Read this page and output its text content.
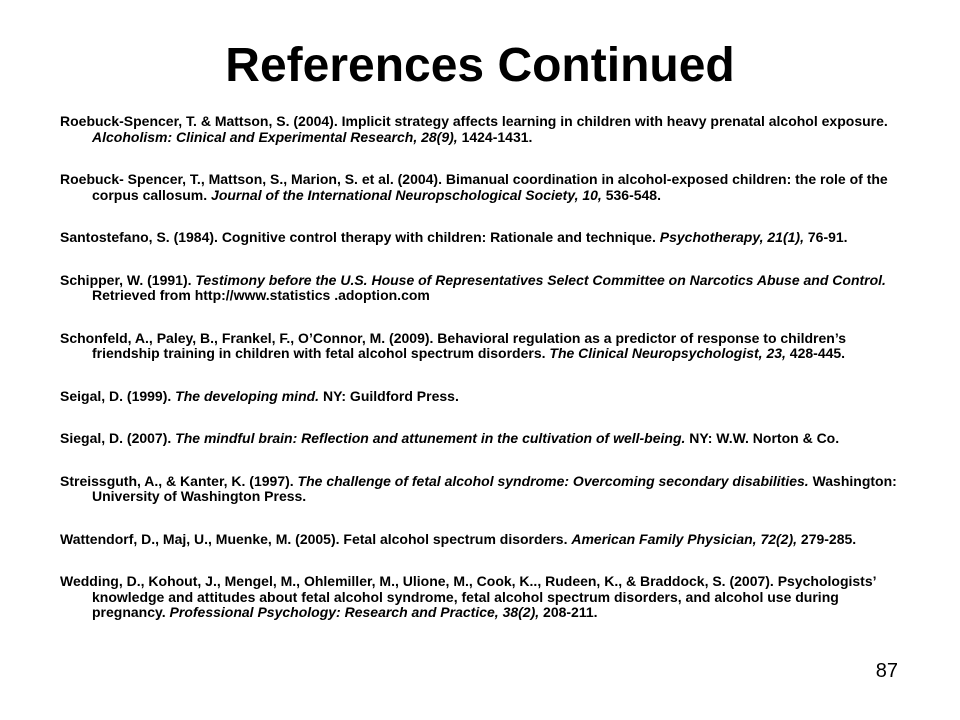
References Continued

Roebuck-Spencer, T. & Mattson, S. (2004). Implicit strategy affects learning in children with heavy prenatal alcohol exposure. Alcoholism: Clinical and Experimental Research, 28(9), 1424-1431.

Roebuck- Spencer, T., Mattson, S., Marion, S. et al. (2004). Bimanual coordination in alcohol-exposed children: the role of the corpus callosum. Journal of the International Neuropschological Society, 10, 536-548.

Santostefano, S. (1984). Cognitive control therapy with children: Rationale and technique. Psychotherapy, 21(1), 76-91.

Schipper, W. (1991). Testimony before the U.S. House of Representatives Select Committee on Narcotics Abuse and Control. Retrieved from http://www.statistics .adoption.com

Schonfeld, A., Paley, B., Frankel, F., O’Connor, M. (2009). Behavioral regulation as a predictor of response to children’s friendship training in children with fetal alcohol spectrum disorders. The Clinical Neuropsychologist, 23, 428-445.

Seigal, D. (1999). The developing mind. NY: Guildford Press.

Siegal, D. (2007). The mindful brain: Reflection and attunement in the cultivation of well-being. NY: W.W. Norton & Co.

Streissguth, A., & Kanter, K. (1997). The challenge of fetal alcohol syndrome: Overcoming secondary disabilities. Washington: University of Washington Press.

Wattendorf, D., Maj, U., Muenke, M. (2005). Fetal alcohol spectrum disorders. American Family Physician, 72(2), 279-285.

Wedding, D., Kohout, J., Mengel, M., Ohlemiller, M., Ulione, M., Cook, K.., Rudeen, K., & Braddock, S. (2007). Psychologists’ knowledge and attitudes about fetal alcohol syndrome, fetal alcohol spectrum disorders, and alcohol use during pregnancy. Professional Psychology: Research and Practice, 38(2), 208-211.

87
